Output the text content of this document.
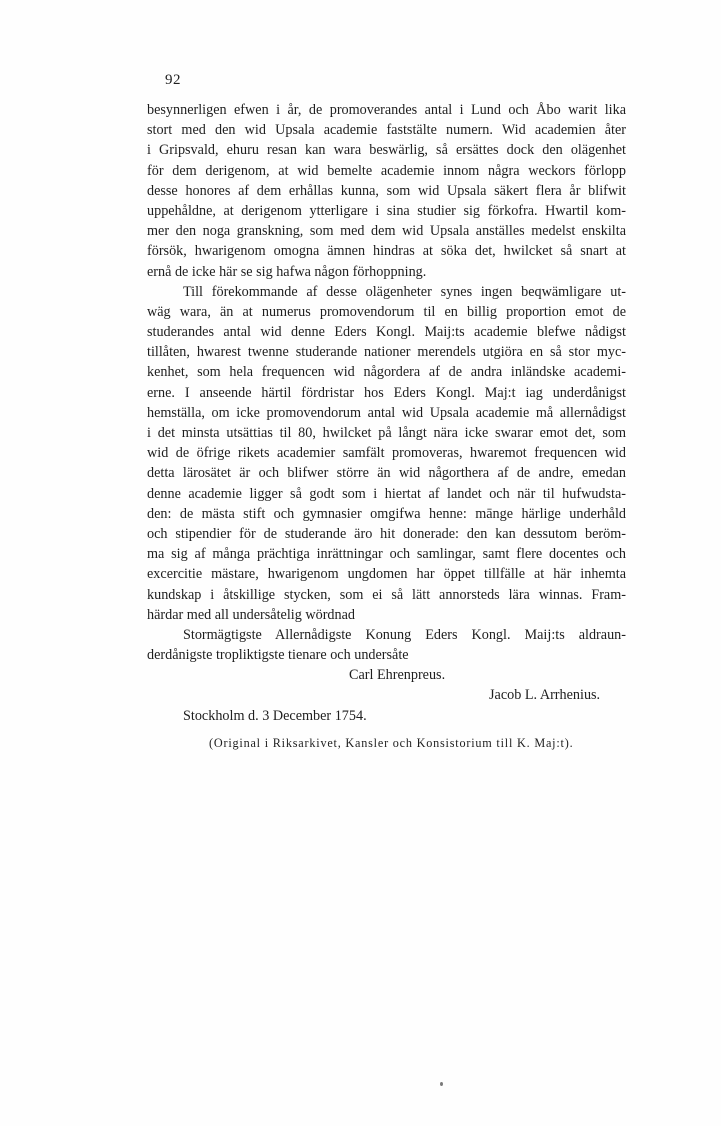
92
besynnerligen efwen i år, de promoverandes antal i Lund och Åbo warit lika
stort med den wid Upsala academie faststälte numern. Wid academien åter
i Gripsvald, ehuru resan kan wara beswärlig, så ersättes dock den olägenhet
för dem derigenom, at wid bemelte academie innom några weckors förlopp
desse honores af dem erhållas kunna, som wid Upsala säkert flera år blifwit
uppehåldne, at derigenom ytterligare i sina studier sig förkofra. Hwartil kom-
mer den noga granskning, som med dem wid Upsala anställes medelst enskilta
försök, hwarigenom omogna ämnen hindras at söka det, hwilcket så snart at
ernå de icke här se sig hafwa någon förhoppning.
Till förekommande af desse olägenheter synes ingen beqwämligare ut-
wäg wara, än at numerus promovendorum til en billig proportion emot de
studerandes antal wid denne Eders Kongl. Maij:ts academie blefwe nådigst
tillåten, hwarest twenne studerande nationer merendels utgiöra en så stor myc-
kenhet, som hela frequencen wid någordera af de andra inländske academi-
erne. I anseende härtil fördristar hos Eders Kongl. Maj:t iag underdånigst
hemställa, om icke promovendorum antal wid Upsala academie må allernådigst
i det minsta utsättias til 80, hwilcket på långt nära icke swarar emot det, som
wid de öfrige rikets academier samfält promoveras, hwaremot frequencen wid
detta lärosätet är och blifwer större än wid någorthera af de andre, emedan
denne academie ligger så godt som i hiertat af landet och när til hufwudsta-
den: de mästa stift och gymnasier omgifwa henne: mānge härlige underhåld
och stipendier för de studerande äro hit donerade: den kan dessutom beröm-
ma sig af många prächtiga inrättningar och samlingar, samt flere docentes och
excercitie mästare, hwarigenom ungdomen har öppet tillfälle at här inhemta
kundskap i åtskillige stycken, som ei så lätt annorsteds lära winnas. Fram-
härdar med all undersåtelig wördnad
Stormägtigste Allernådigste Konung Eders Kongl. Maij:ts aldraun-
derdånigste tropliktigste tienare och undersåte
Carl Ehrenpreus.
Jacob L. Arrhenius.
Stockholm d. 3 December 1754.
(Original i Riksarkivet, Kansler och Konsistorium till K. Maj:t).
